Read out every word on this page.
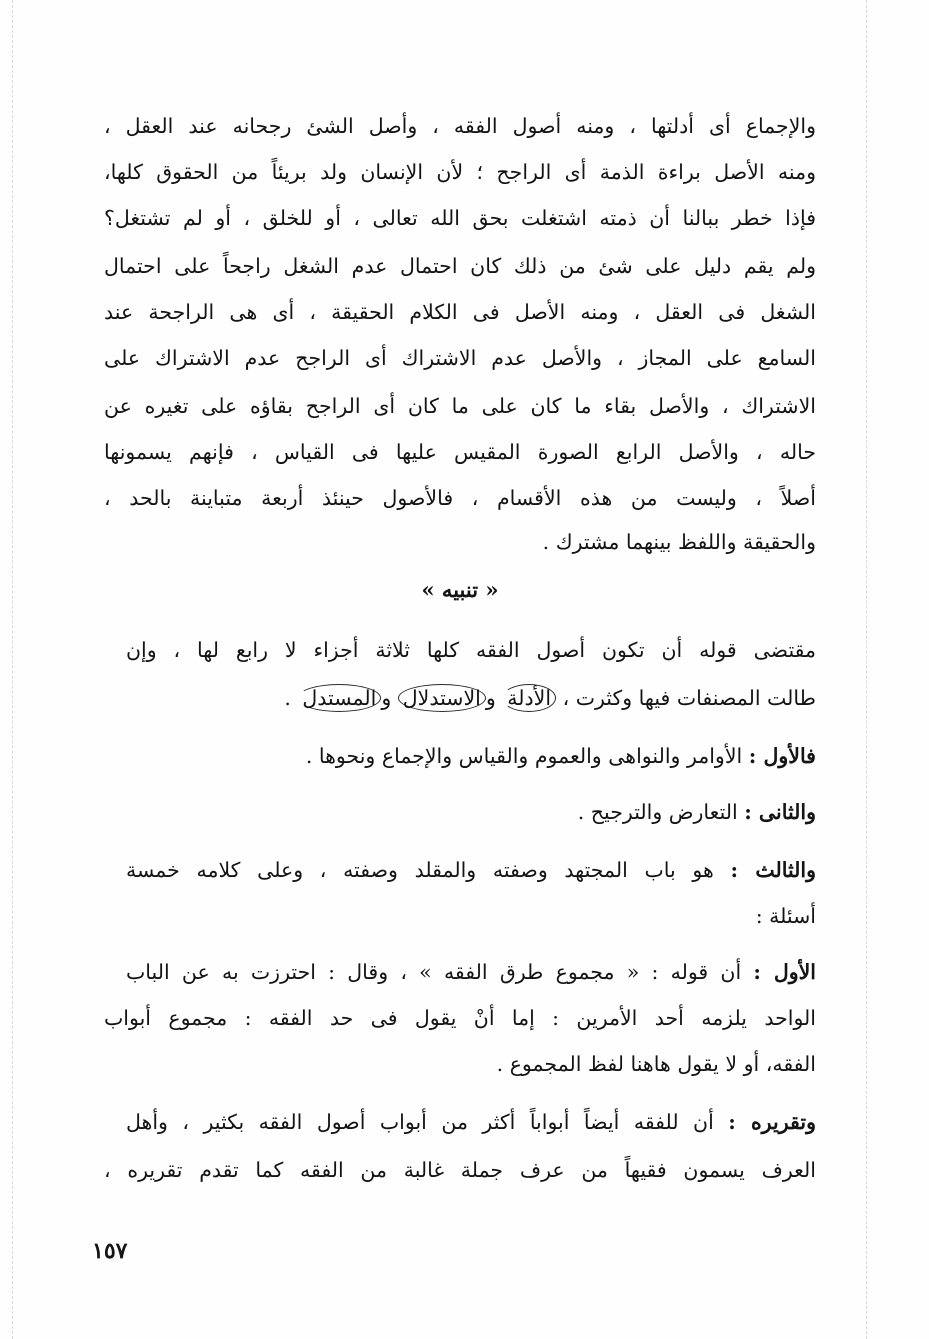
والإجماع أى أدلتها ، ومنه أصول الفقه ، وأصل الشئ رجحانه عند العقل ،
ومنه الأصل براءة الذمة أى الراجح ؛ لأن الإنسان ولد بريئاً من الحقوق كلها،
فإذا خطر ببالنا أن ذمته اشتغلت بحق الله تعالى ، أو للخلق ، أو لم تشتغل؟
ولم يقم دليل على شئ من ذلك كان احتمال عدم الشغل راجحاً على احتمال
الشغل فى العقل ، ومنه الأصل فى الكلام الحقيقة ، أى هى الراجحة عند
السامع على المجاز ، والأصل عدم الاشتراك أى الراجح عدم الاشتراك على
الاشتراك ، والأصل بقاء ما كان على ما كان أى الراجح بقاؤه على تغيره عن
حاله ، والأصل الرابع الصورة المقيس عليها فى القياس ، فإنهم يسمونها
أصلاً ، وليست من هذه الأقسام ، فالأصول حينئذ أربعة متباينة بالحد ،
والحقيقة واللفظ بينهما مشترك .
« تنبيه »
مقتضى قوله أن تكون أصول الفقه كلها ثلاثة أجزاء لا رابع لها ، وإن
طالت المصنفات فيها وكثرت ، الأدلة والاستدلال والمستدل .
فالأول : الأوامر والنواهى والعموم والقياس والإجماع ونحوها .
والثانى : التعارض والترجيح .
والثالث : هو باب المجتهد وصفته والمقلد وصفته ، وعلى كلامه خمسة
أسئلة :
الأول : أن قوله : « مجموع طرق الفقه » ، وقال : احترزت به عن الباب
الواحد يلزمه أحد الأمرين : إما أنْ يقول فى حد الفقه : مجموع أبواب
الفقه، أو لا يقول هاهنا لفظ المجموع .
وتقريره : أن للفقه أيضاً أبواباً أكثر من أبواب أصول الفقه بكثير ، وأهل
العرف يسمون فقيهاً من عرف جملة غالبة من الفقه كما تقدم تقريره ،
١٥٧
